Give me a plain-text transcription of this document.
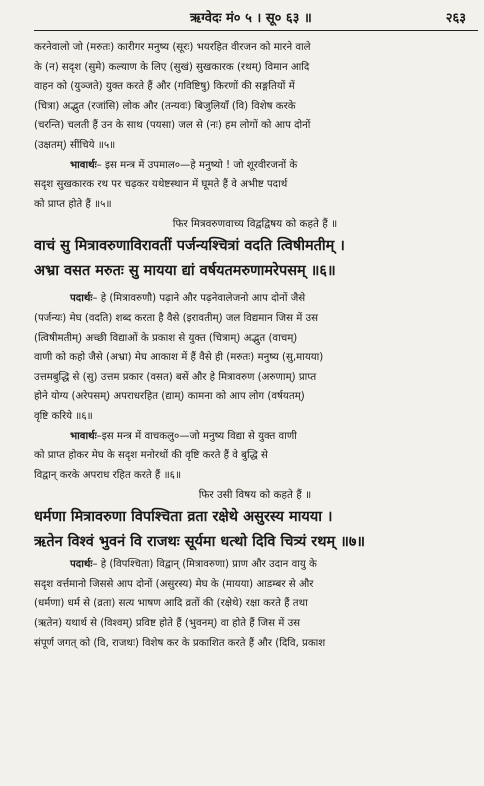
ऋग्वेदः मं० ५ । सू० ६३ ॥	२६३

करनेवालो जो (मरुतः) कारीगर मनुष्य (सूरः) भयरहित वीरजन को मारने वाले

के (न) सदृश (सुमे) कल्याण के लिए (सुखं) सुखकारक (रथम्) विमान आदि

वाहन को (युञ्जते) युक्त करते हैं और (गविष्टिषु) किरणों की सङ्गतियों में

(चित्रा) अद्भुत (रजांसि) लोक और (तन्यवः) बिजुलियाँ (वि) विशेष करके

(चरन्ति) चलती हैं उन के साथ (पयसा) जल से (नः) हम लोगों को आप दोनों

(उक्षतम्) सींचिये ॥५॥

भावार्थः– इस मन्त्र में उपमाल०—हे मनुष्यो ! जो शूरवीरजनों के

सदृश सुखकारक रथ पर चढ़कर यथेष्टस्थान में घूमते हैं वे अभीष्ट पदार्थ

को प्राप्त होते हैं ॥५॥

फिर मित्रवरुणवाच्य विद्वद्विषय को कहते हैं ॥
वाचं सु मित्रावरुणाविरावतीं पर्जन्यश्चित्रां वदति त्विषीमतीम् ।
अभ्रा वसत मरुतः सु मायया द्यां वर्षयतमरुणामरेपसम् ॥६॥

पदार्थः– हे (मित्रावरुणौ) पढ़ाने और पढ़नेवालेजनो आप दोनों जैसे

(पर्जन्यः) मेघ (वदति) शब्द करता है वैसे (इरावतीम्) जल विद्यमान जिस में उस

(त्विषीमतीम्) अच्छी विद्याओं के प्रकाश से युक्त (चित्राम्) अद्भुत (वाचम्)

वाणी को कहो जैसे (अभ्रा) मेघ आकाश में हैं वैसे ही (मरुतः) मनुष्य (सु,मायया)

उत्तमबुद्धि से (सु) उत्तम प्रकार (वसत) बसें और हे मित्रावरुण (अरुणाम्) प्राप्त

होने योग्य (अरेपसम्) अपराधरहित (द्याम्) कामना को आप लोग (वर्षयतम्)

वृष्टि करिये ॥६॥

भावार्थः–इस मन्त्र में वाचकलु०—जो मनुष्य विद्या से युक्त वाणी

को प्राप्त होकर मेघ के सदृश मनोरथों की वृष्टि करते हैं वे बुद्धि से

विद्वान् करके अपराध रहित करते हैं ॥६॥

फिर उसी विषय को कहते हैं ॥
धर्मणा मित्रावरुणा विपश्चिता व्रता रक्षेथे असुरस्य मायया ।
ऋतेन विश्वं भुवनं वि राजथः सूर्यमा धत्थो दिवि चित्र्यं रथम् ॥७॥

पदार्थः– हे (विपश्चिता) विद्वान् (मित्रावरुणा) प्राण और उदान वायु के

सदृश वर्त्तमानो जिससे आप दोनों (असुरस्य) मेघ के (मायया) आडम्बर से और

(धर्मणा) धर्म से (व्रता) सत्य भाषण आदि व्रतों की (रक्षेथे) रक्षा करते हैं तथा

(ऋतेन) यथार्थ से (विश्वम्) प्रविष्ट होते हैं (भुवनम्) वा होते हैं जिस में उस

संपूर्ण जगत् को (वि, राजथः) विशेष कर के प्रकाशित करते हैं और (दिवि, प्रकाश
